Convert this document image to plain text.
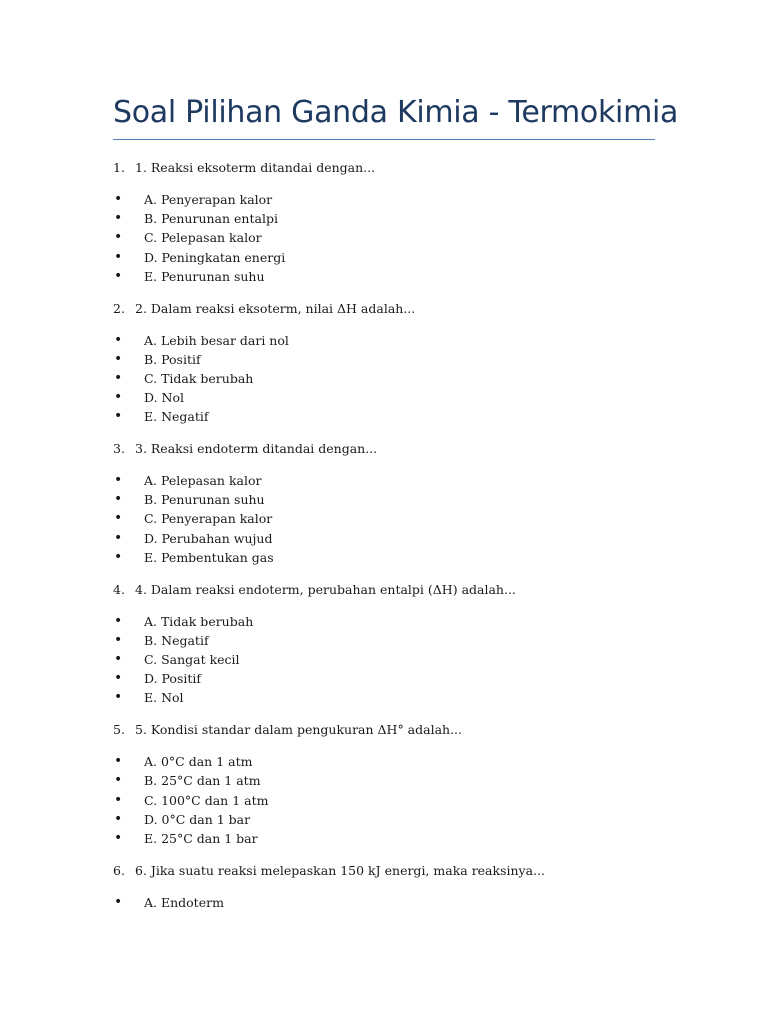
Soal Pilihan Ganda Kimia - Termokimia
1. 1. Reaksi eksoterm ditandai dengan...
•	A. Penyerapan kalor
•	B. Penurunan entalpi
•	C. Pelepasan kalor
•	D. Peningkatan energi
•	E. Penurunan suhu
2. 2. Dalam reaksi eksoterm, nilai ΔH adalah...
•	A. Lebih besar dari nol
•	B. Positif
•	C. Tidak berubah
•	D. Nol
•	E. Negatif
3. 3. Reaksi endoterm ditandai dengan...
•	A. Pelepasan kalor
•	B. Penurunan suhu
•	C. Penyerapan kalor
•	D. Perubahan wujud
•	E. Pembentukan gas
4. 4. Dalam reaksi endoterm, perubahan entalpi (ΔH) adalah...
•	A. Tidak berubah
•	B. Negatif
•	C. Sangat kecil
•	D. Positif
•	E. Nol
5. 5. Kondisi standar dalam pengukuran ΔH° adalah...
•	A. 0°C dan 1 atm
•	B. 25°C dan 1 atm
•	C. 100°C dan 1 atm
•	D. 0°C dan 1 bar
•	E. 25°C dan 1 bar
6. 6. Jika suatu reaksi melepaskan 150 kJ energi, maka reaksinya...
•	A. Endoterm
